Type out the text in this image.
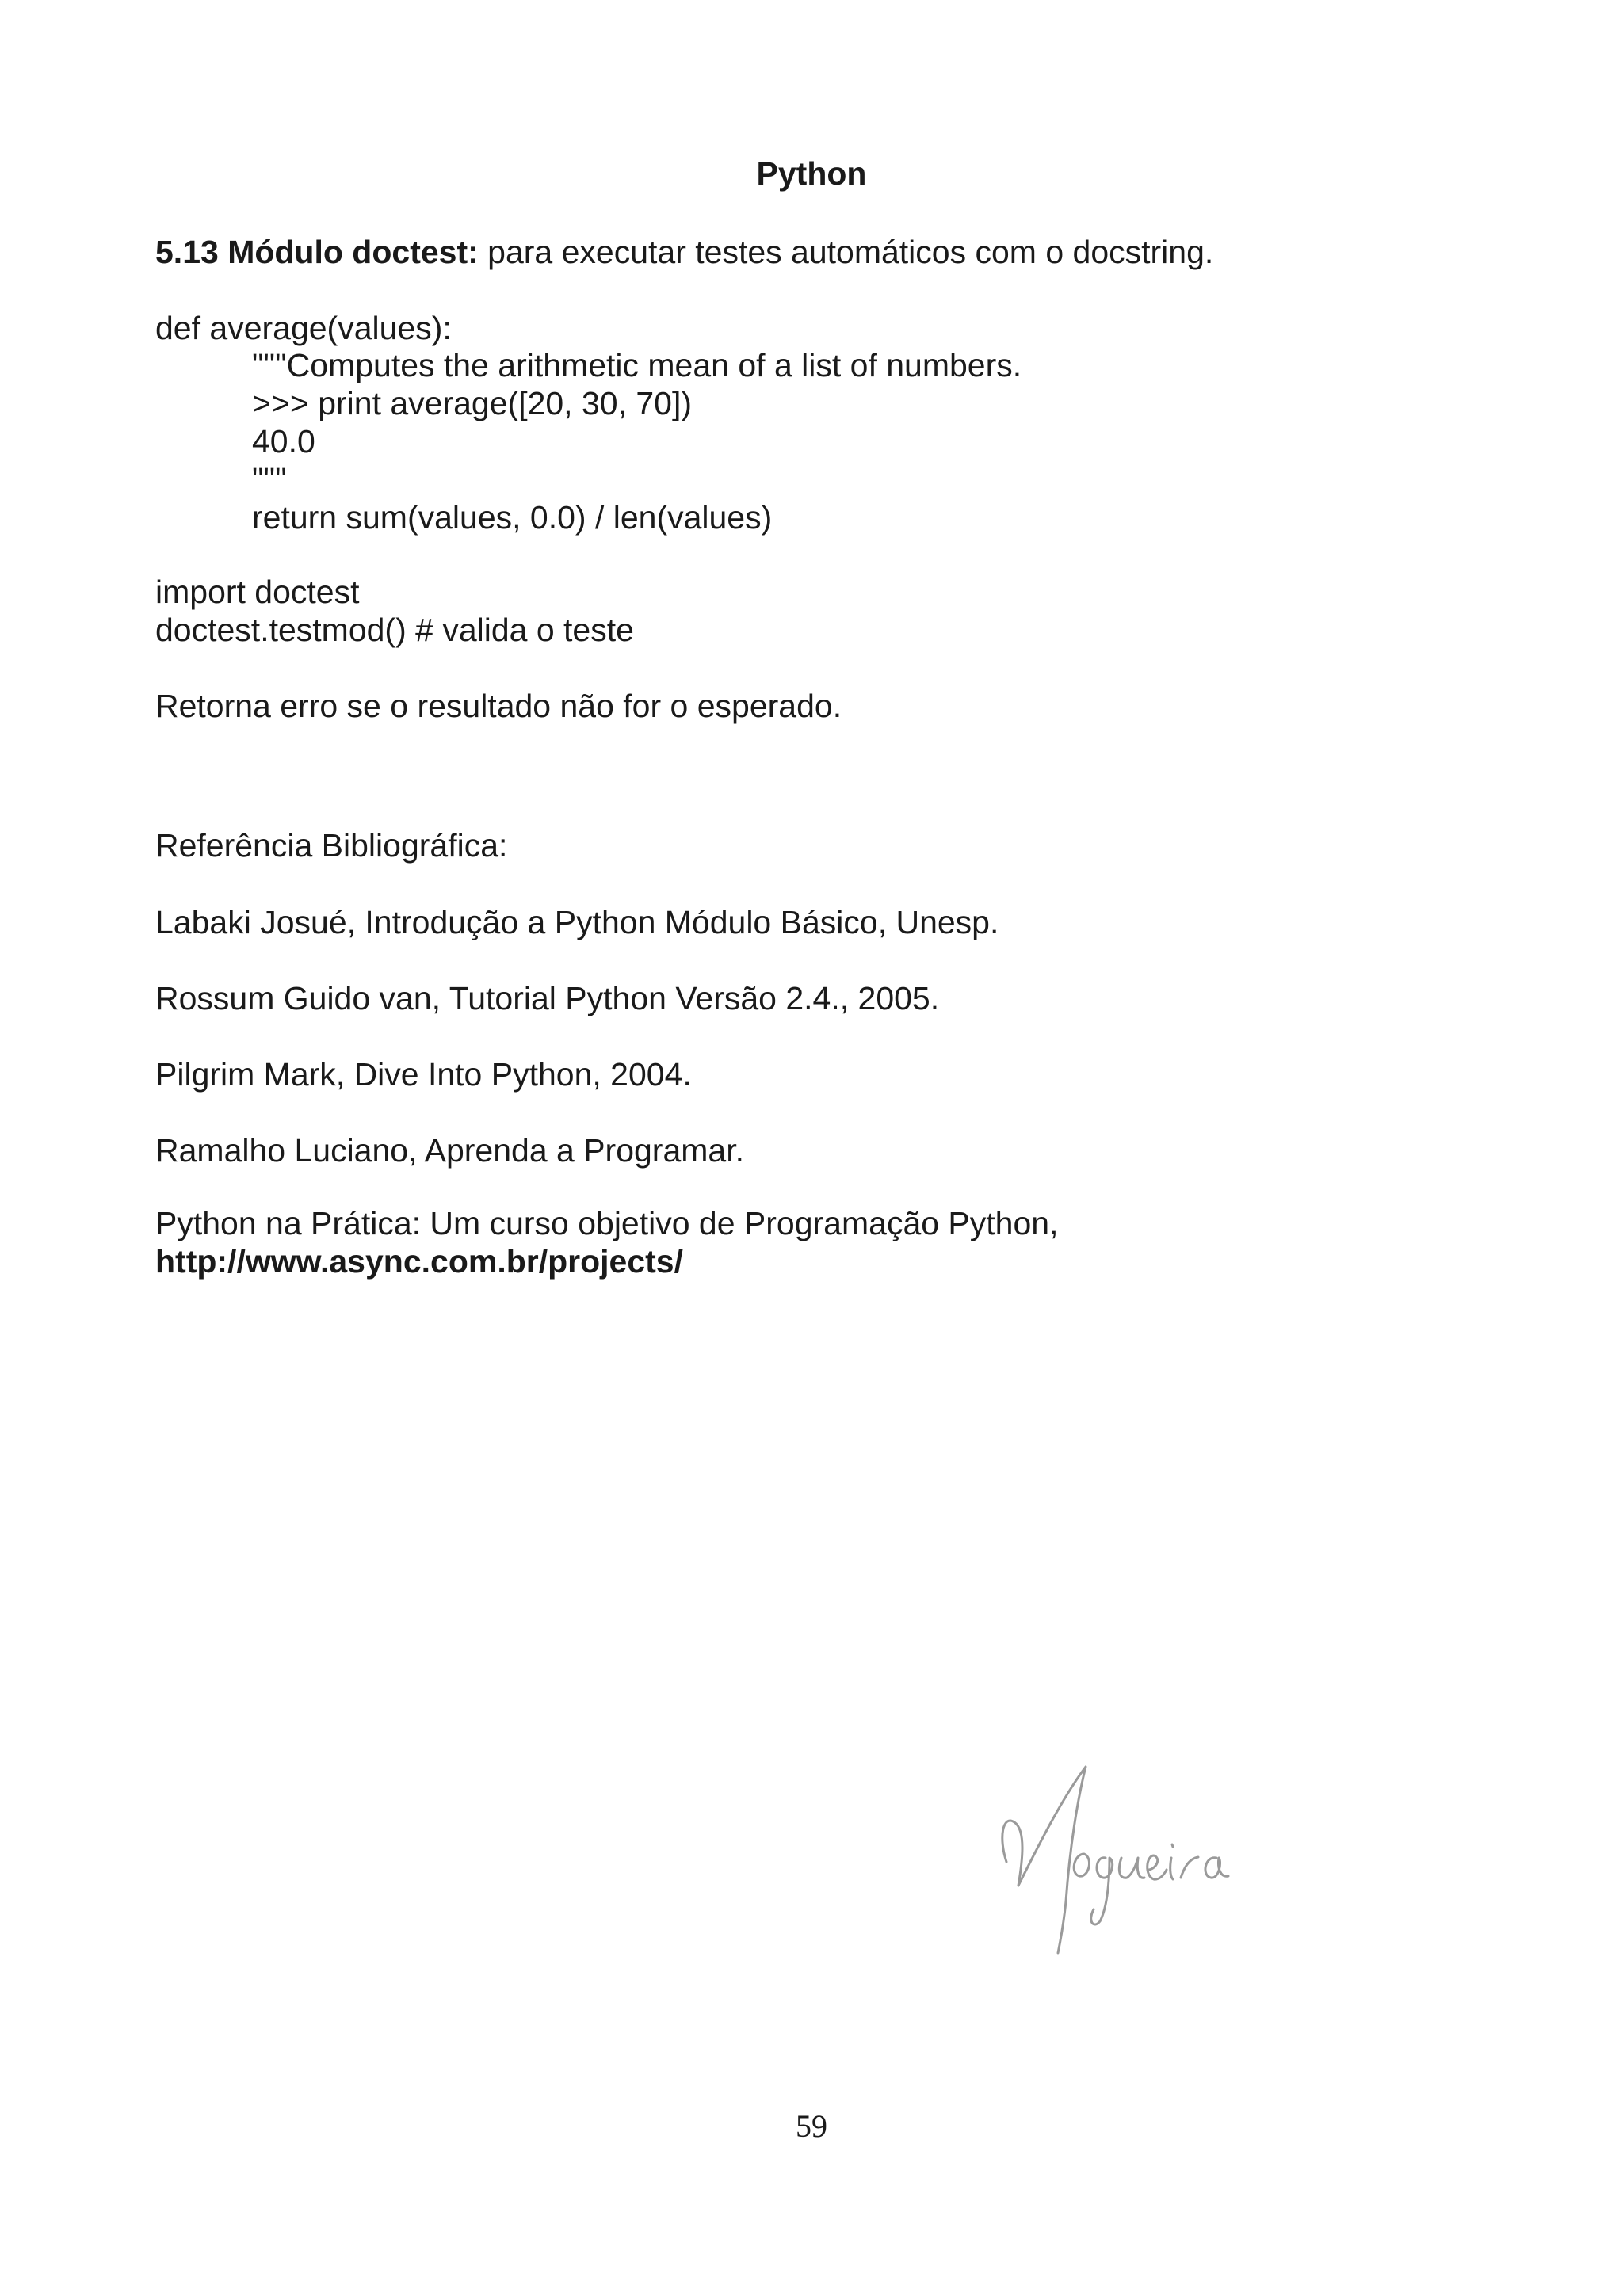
Python

5.13 Módulo doctest: para executar testes automáticos com o docstring.

def average(values):

"""Computes the arithmetic mean of a list of numbers.

>>> print average([20, 30, 70])

40.0

"""

return sum(values, 0.0) / len(values)

import doctest

doctest.testmod() # valida o teste

Retorna erro se o resultado não for o esperado.

Referência Bibliográfica:

Labaki Josué, Introdução a Python Módulo Básico, Unesp.

Rossum Guido van, Tutorial Python Versão 2.4., 2005.

Pilgrim Mark, Dive Into Python, 2004.

Ramalho Luciano, Aprenda a Programar.

Python na Prática: Um curso objetivo de Programação Python, http://www.async.com.br/projects/
59
